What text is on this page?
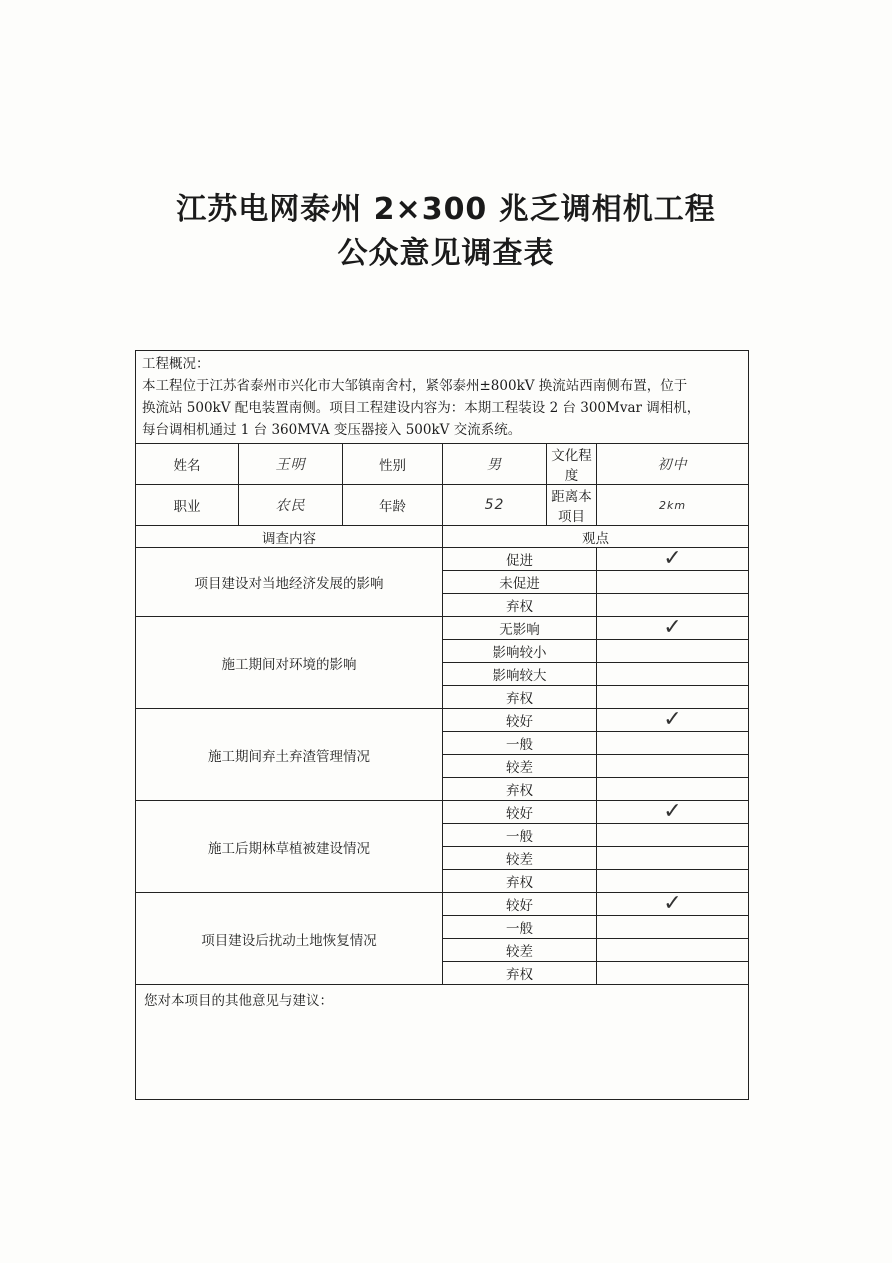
江苏电网泰州 2×300 兆乏调相机工程
公众意见调查表
工程概况：
本工程位于江苏省泰州市兴化市大邹镇南舍村，紧邻泰州±800kV 换流站西南侧布置，位于
换流站 500kV 配电装置南侧。项目工程建设内容为：本期工程装设 2 台 300Mvar 调相机，
每台调相机通过 1 台 360MVA 变压器接入 500kV 交流系统。					

姓名	王明	性别	男	文化程度	初中
职业	农民	年龄	52	距离本项目	2km
调查内容			观点		
项目建设对当地经济发展的影响			促进		✓
			未促进		
			弃权		
施工期间对环境的影响			无影响		✓
			影响较小		
			影响较大		
			弃权		
施工期间弃土弃渣管理情况			较好		✓
			一般		
			较差		
			弃权		
施工后期林草植被建设情况			较好		✓
			一般		
			较差		
			弃权		
项目建设后扰动土地恢复情况			较好		✓
			一般		
			较差		
			弃权		
您对本项目的其他意见与建议：					
